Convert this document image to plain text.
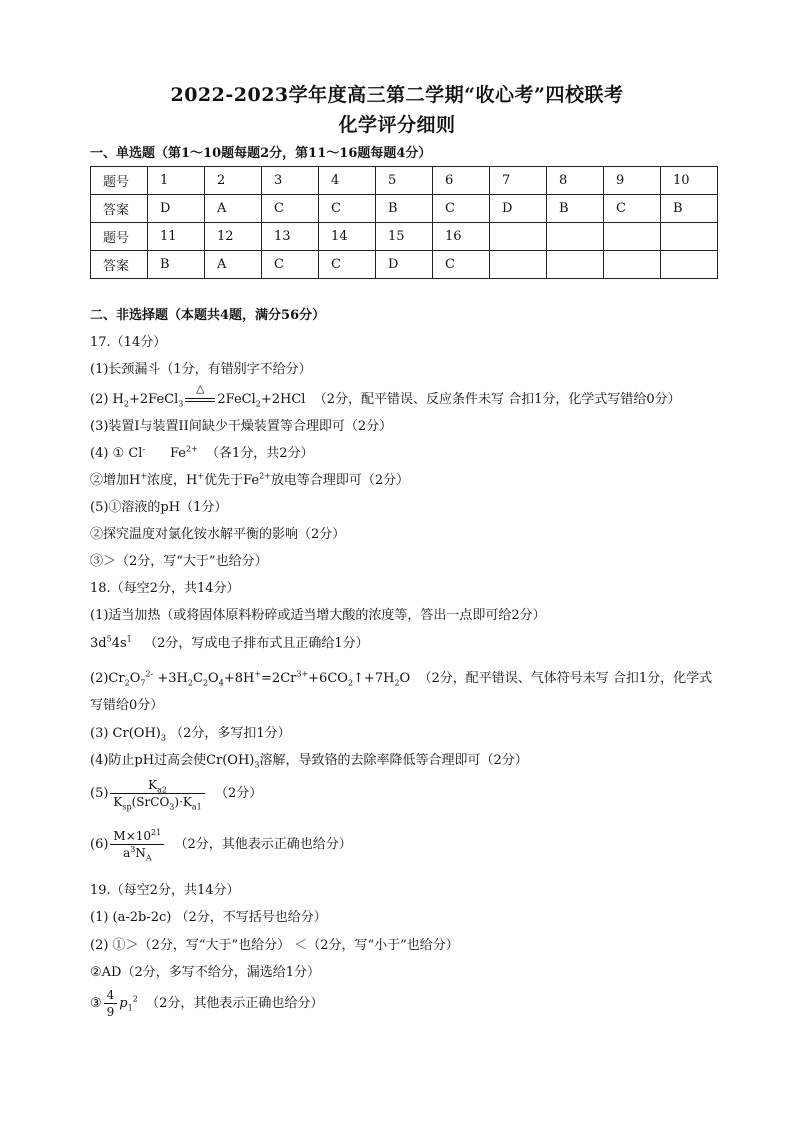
2022-2023学年度高三第二学期“收心考”四校联考
化学评分细则
一、单选题（第1～10题每题2分，第11～16题每题4分）
题号	1	2	3	4	5	6	7	8	9	10
答案	D	A	C	C	B	C	D	B	C	B
题号	11	12	13	14	15	16				
答案	B	A	C	C	D	C				
二、非选择题（本题共4题，满分56分）
17.（14分）
(1)长颈漏斗（1分，有错别字不给分）
(2) $H_2+2FeCl_3$
△
2FeCl$_2$+2HCl （2分，配平错误、反应条件未写 合扣1分，化学式写错给0分）
(3)装置I与装置II间缺少干燥装置等合理即可（2分）
(4) ① Cl- $Fe^{2+}$ （各1分，共2分）
②增加H+浓度，H+优先于$Fe^{2+}$放电等合理即可（2分）
(5)①溶液的pH（1分）
②探究温度对氯化铵水解平衡的影响（2分）
③＞（2分，写“大于”也给分）
18.（每空2分，共14分）
(1)适当加热（或将固体原料粉碎或适当增大酸的浓度等，答出一点即可给2分）
$3d^54s^1$ （2分，写成电子排布式且正确给1分）
$(2)Cr_2O_7^{2-}$ $+3H_2C_2O_4+8H^+=2Cr^{3+}+6CO_2↑+7H_2O$ （2分，配平错误、气体符号未写 合扣1分，化学式
写错给0分）
(3) $Cr(OH)_3$ （2分，多写扣1分）
(4)防止pH过高会使$Cr(OH)_3$溶解，导致铬的去除率降低等合理即可（2分）
$(5) \frac{K_{a2}}{K_{sp}(SrCO_3)\cdot K_{a1}} (2$分）
$(6) \frac{M\times 10^{21}}{a^3N_A} (2$分，其他表示正确也给分）
19.（每空2分，共14分）
(1) (a-2b-2c) （2分，不写括号也给分）
(2) ①＞（2分，写“大于”也给分） ＜（2分，写“小于”也给分）
②AD（2分，多写不给分，漏选给1分）
③ $\frac{4}{9} p_1^2$ （2分，其他表示正确也给分）
